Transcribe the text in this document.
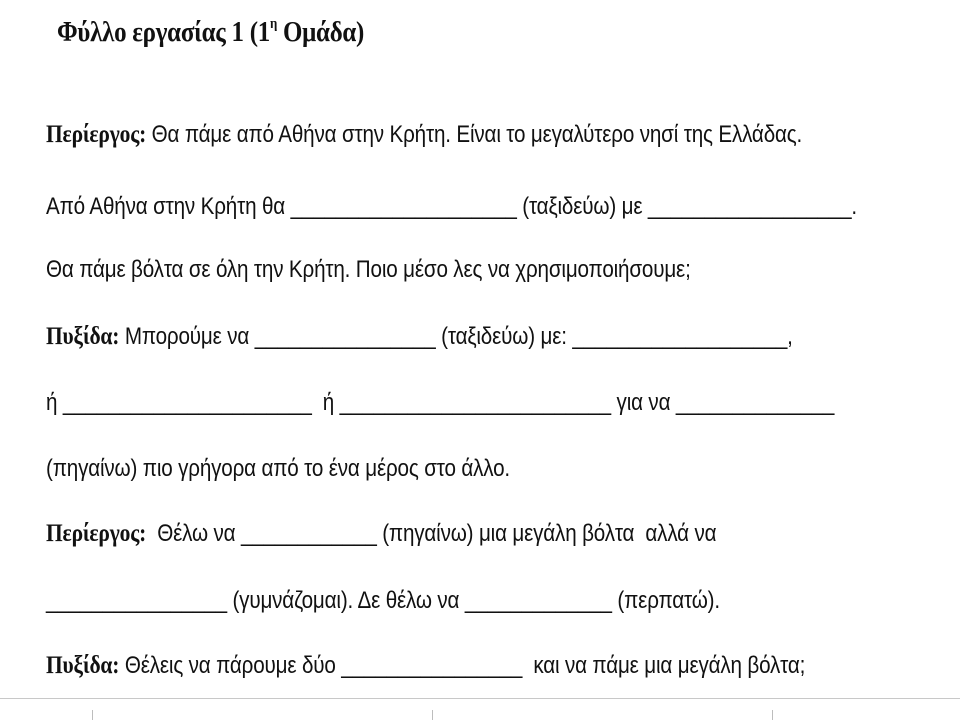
Φύλλο εργασίας 1 ($1^\eta$ Ομάδα)
Περίεργος: Θα πάμε από Αθήνα στην Κρήτη. Είναι το μεγαλύτερο νησί της Ελλάδας.
Από Αθήνα στην Κρήτη θα ____________________ (ταξιδεύω) με __________________.
Θα πάμε βόλτα σε όλη την Κρήτη. Ποιο μέσο λες να χρησιμοποιήσουμε;
Πυξίδα: Μπορούμε να ________________ (ταξιδεύω) με: ___________________,
ή ______________________  ή ________________________ για να ______________
(πηγαίνω) πιο γρήγορα από το ένα μέρος στο άλλο.
Περίεργος:  Θέλω να ____________ (πηγαίνω) μια μεγάλη βόλτα  αλλά να
________________ (γυμνάζομαι). Δε θέλω να _____________ (περπατώ).
Πυξίδα: Θέλεις να πάρουμε δύο ________________  και να πάμε μια μεγάλη βόλτα;
